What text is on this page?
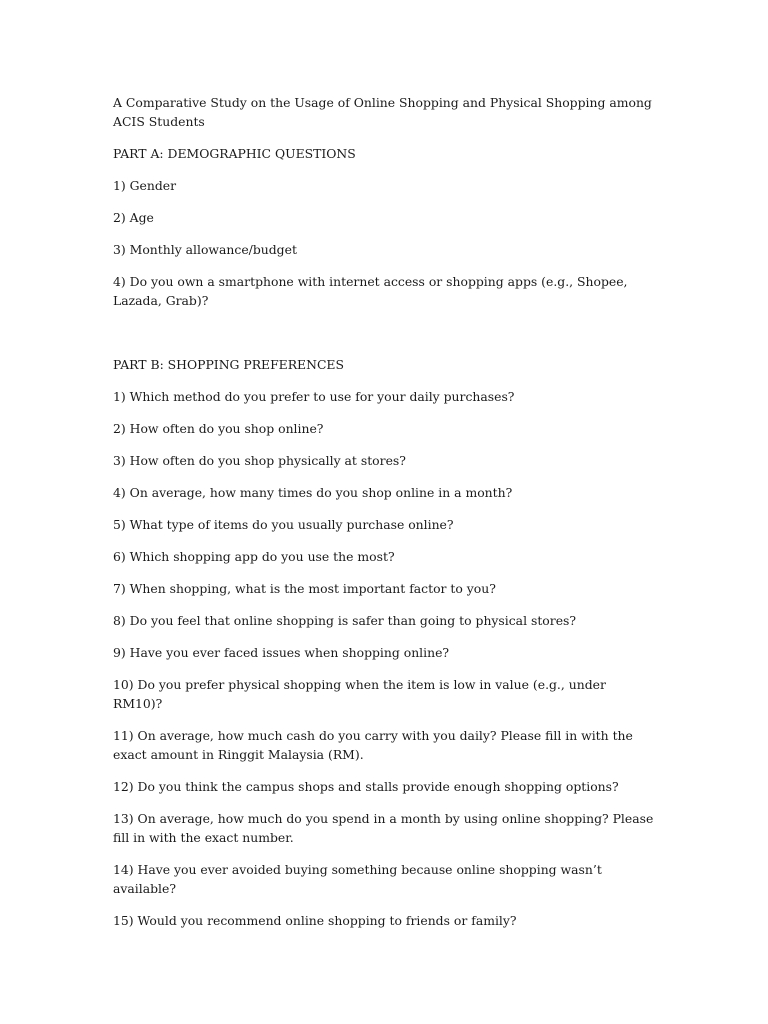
A Comparative Study on the Usage of Online Shopping and Physical Shopping among ACIS Students

PART A: DEMOGRAPHIC QUESTIONS

1) Gender

2) Age

3) Monthly allowance/budget

4) Do you own a smartphone with internet access or shopping apps (e.g., Shopee, Lazada, Grab)?

PART B: SHOPPING PREFERENCES

1) Which method do you prefer to use for your daily purchases?

2) How often do you shop online?

3) How often do you shop physically at stores?

4) On average, how many times do you shop online in a month?

5) What type of items do you usually purchase online?

6) Which shopping app do you use the most?

7) When shopping, what is the most important factor to you?

8) Do you feel that online shopping is safer than going to physical stores?

9) Have you ever faced issues when shopping online?

10) Do you prefer physical shopping when the item is low in value (e.g., under RM10)?

11) On average, how much cash do you carry with you daily? Please fill in with the exact amount in Ringgit Malaysia (RM).

12) Do you think the campus shops and stalls provide enough shopping options?

13) On average, how much do you spend in a month by using online shopping? Please fill in with the exact number.

14) Have you ever avoided buying something because online shopping wasn’t available?

15) Would you recommend online shopping to friends or family?
